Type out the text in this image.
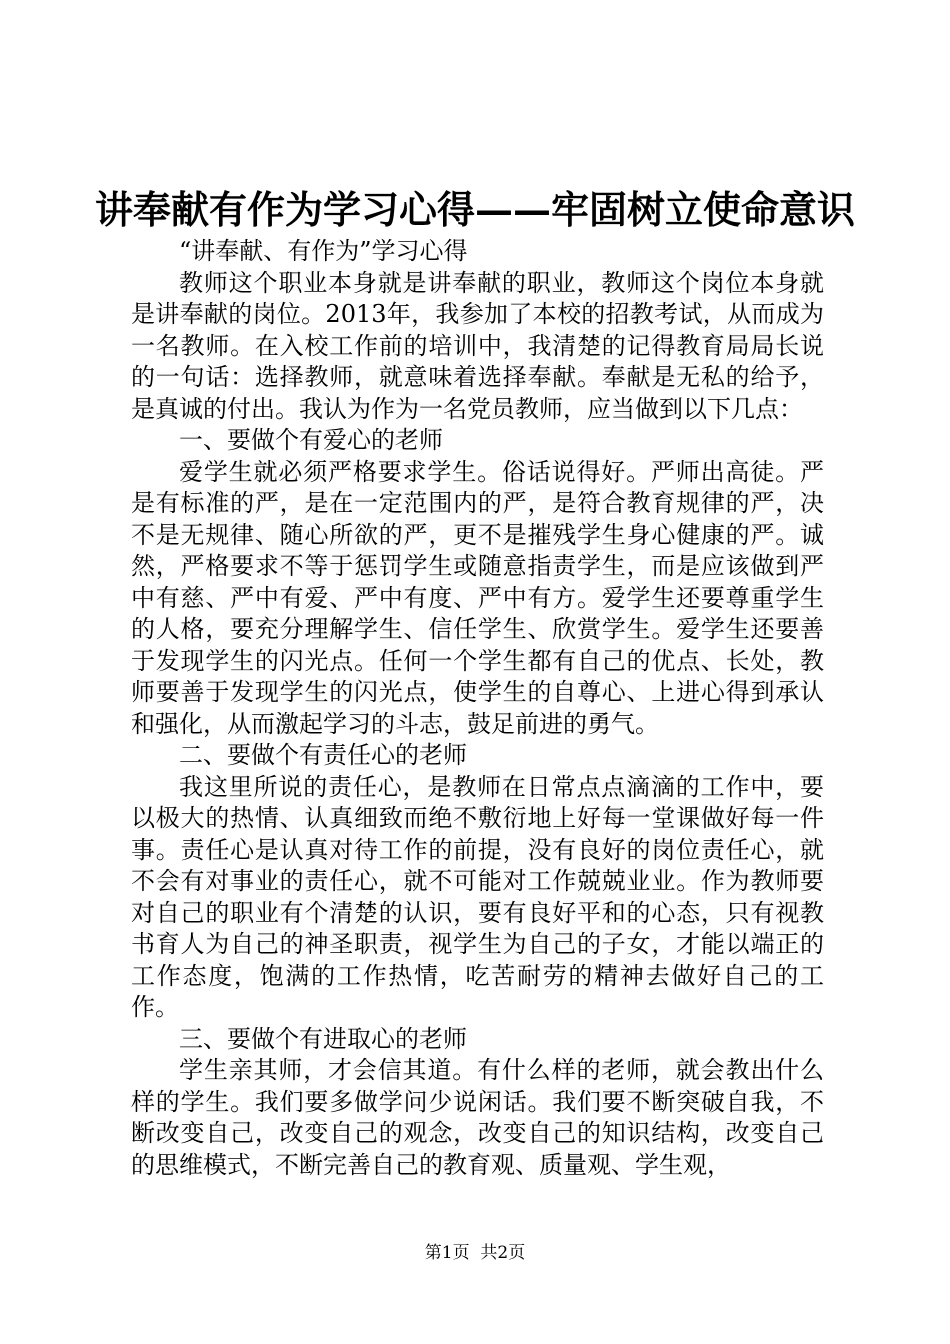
讲奉献有作为学习心得——牢固树立使命意识

“讲奉献、有作为”学习心得

教师这个职业本身就是讲奉献的职业，教师这个岗位本身就是讲奉献的岗位。2013年，我参加了本校的招教考试，从而成为一名教师。在入校工作前的培训中，我清楚的记得教育局局长说的一句话：选择教师，就意味着选择奉献。奉献是无私的给予，是真诚的付出。我认为作为一名党员教师，应当做到以下几点：

一、要做个有爱心的老师

爱学生就必须严格要求学生。俗话说得好。严师出高徒。严是有标准的严，是在一定范围内的严，是符合教育规律的严，决不是无规律、随心所欲的严，更不是摧残学生身心健康的严。诚然，严格要求不等于惩罚学生或随意指责学生，而是应该做到严中有慈、严中有爱、严中有度、严中有方。爱学生还要尊重学生的人格，要充分理解学生、信任学生、欣赏学生。爱学生还要善于发现学生的闪光点。任何一个学生都有自己的优点、长处，教师要善于发现学生的闪光点，使学生的自尊心、上进心得到承认和强化，从而激起学习的斗志，鼓足前进的勇气。

二、要做个有责任心的老师

我这里所说的责任心，是教师在日常点点滴滴的工作中，要以极大的热情、认真细致而绝不敷衍地上好每一堂课做好每一件事。责任心是认真对待工作的前提，没有良好的岗位责任心，就不会有对事业的责任心，就不可能对工作兢兢业业。作为教师要对自己的职业有个清楚的认识，要有良好平和的心态，只有视教书育人为自己的神圣职责，视学生为自己的子女，才能以端正的工作态度，饱满的工作热情，吃苦耐劳的精神去做好自己的工作。

三、要做个有进取心的老师

学生亲其师，才会信其道。有什么样的老师，就会教出什么样的学生。我们要多做学问少说闲话。我们要不断突破自我，不断改变自己，改变自己的观念，改变自己的知识结构，改变自己的思维模式，不断完善自己的教育观、质量观、学生观，

第1页  共2页
